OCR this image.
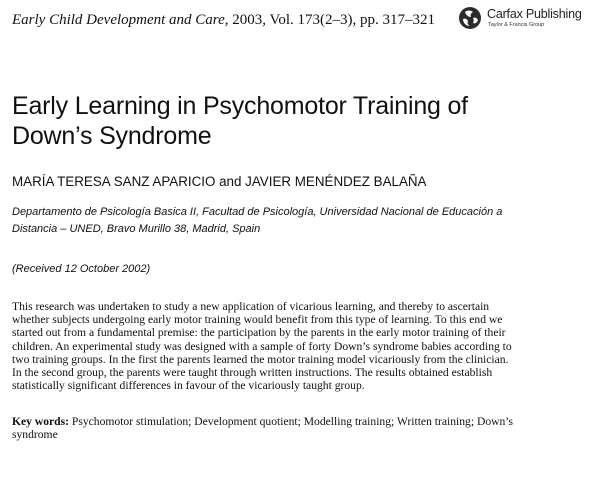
Early Child Development and Care, 2003, Vol. 173(2–3), pp. 317–321	Carfax Publishing
Taylor & Francis Group
Early Learning in Psychomotor Training of
Down’s Syndrome
MARÍA TERESA SANZ APARICIO and JAVIER MENÉNDEZ BALAÑA
Departamento de Psicología Basica II, Facultad de Psicología, Universidad Nacional de Educación a
Distancia – UNED, Bravo Murillo 38, Madrid, Spain
(Received 12 October 2002)
This research was undertaken to study a new application of vicarious learning, and thereby to ascertain
whether subjects undergoing early motor training would benefit from this type of learning. To this end we
started out from a fundamental premise: the participation by the parents in the early motor training of their
children. An experimental study was designed with a sample of forty Down’s syndrome babies according to
two training groups. In the first the parents learned the motor training model vicariously from the clinician.
In the second group, the parents were taught through written instructions. The results obtained establish
statistically significant differences in favour of the vicariously taught group.
Key words: Psychomotor stimulation; Development quotient; Modelling training; Written training; Down’s
syndrome
